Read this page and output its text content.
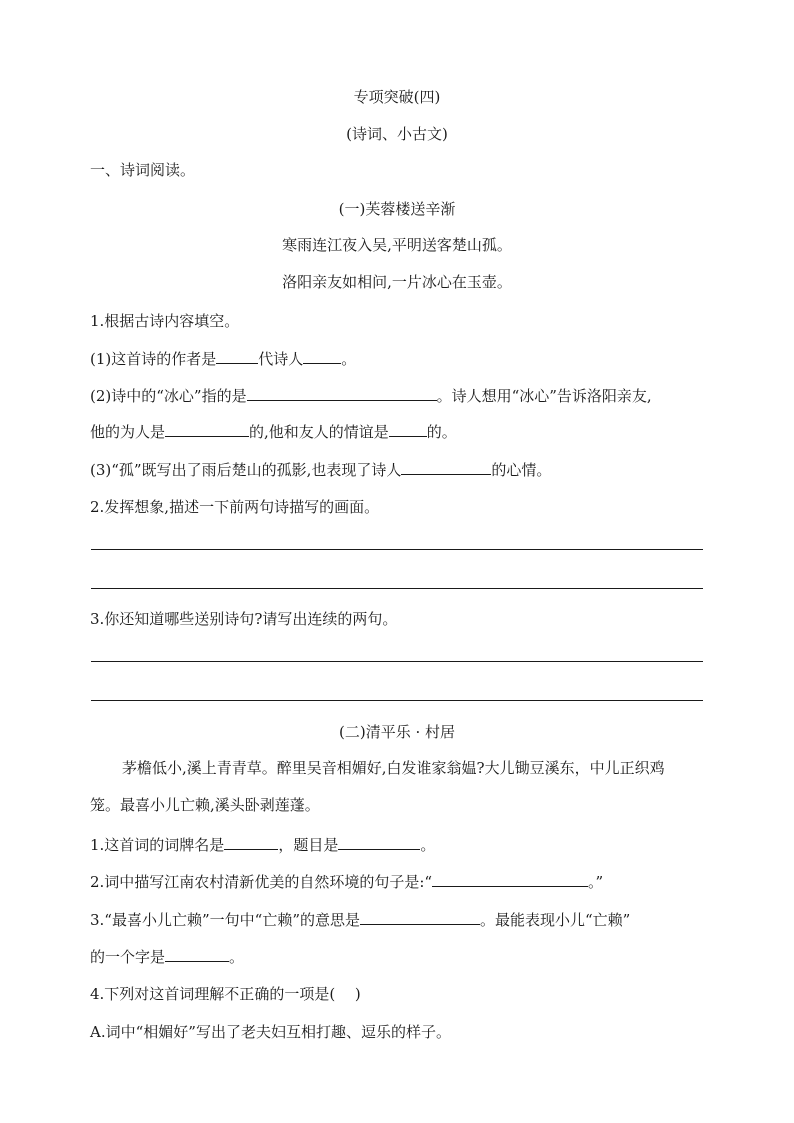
专项突破(四)
(诗词、小古文)
一、诗词阅读。
(一)芙蓉楼送辛渐
寒雨连江夜入吴,平明送客楚山孤。
洛阳亲友如相问,一片冰心在玉壶。
1.根据古诗内容填空。
(1)这首诗的作者是	代诗人	。
(2)诗中的“冰心”指的是	。诗人想用“冰心”告诉洛阳亲友,
他的为人是	的,他和友人的情谊是	的。
(3)“孤”既写出了雨后楚山的孤影,也表现了诗人	的心情。
2.发挥想象,描述一下前两句诗描写的画面。
3.你还知道哪些送别诗句?请写出连续的两句。
(二)清平乐 · 村居
茅檐低小,溪上青青草。醉里吴音相媚好,白发谁家翁媪?大儿锄豆溪东，中儿正织鸡
笼。最喜小儿亡赖,溪头卧剥莲蓬。
1.这首词的词牌名是	，题目是	。
2.词中描写江南农村清新优美的自然环境的句子是:“	。”
3.“最喜小儿亡赖”一句中“亡赖”的意思是	。最能表现小儿“亡赖”
的一个字是	。
4.下列对这首词理解不正确的一项是(　 )
A.词中“相媚好”写出了老夫妇互相打趣、逗乐的样子。
